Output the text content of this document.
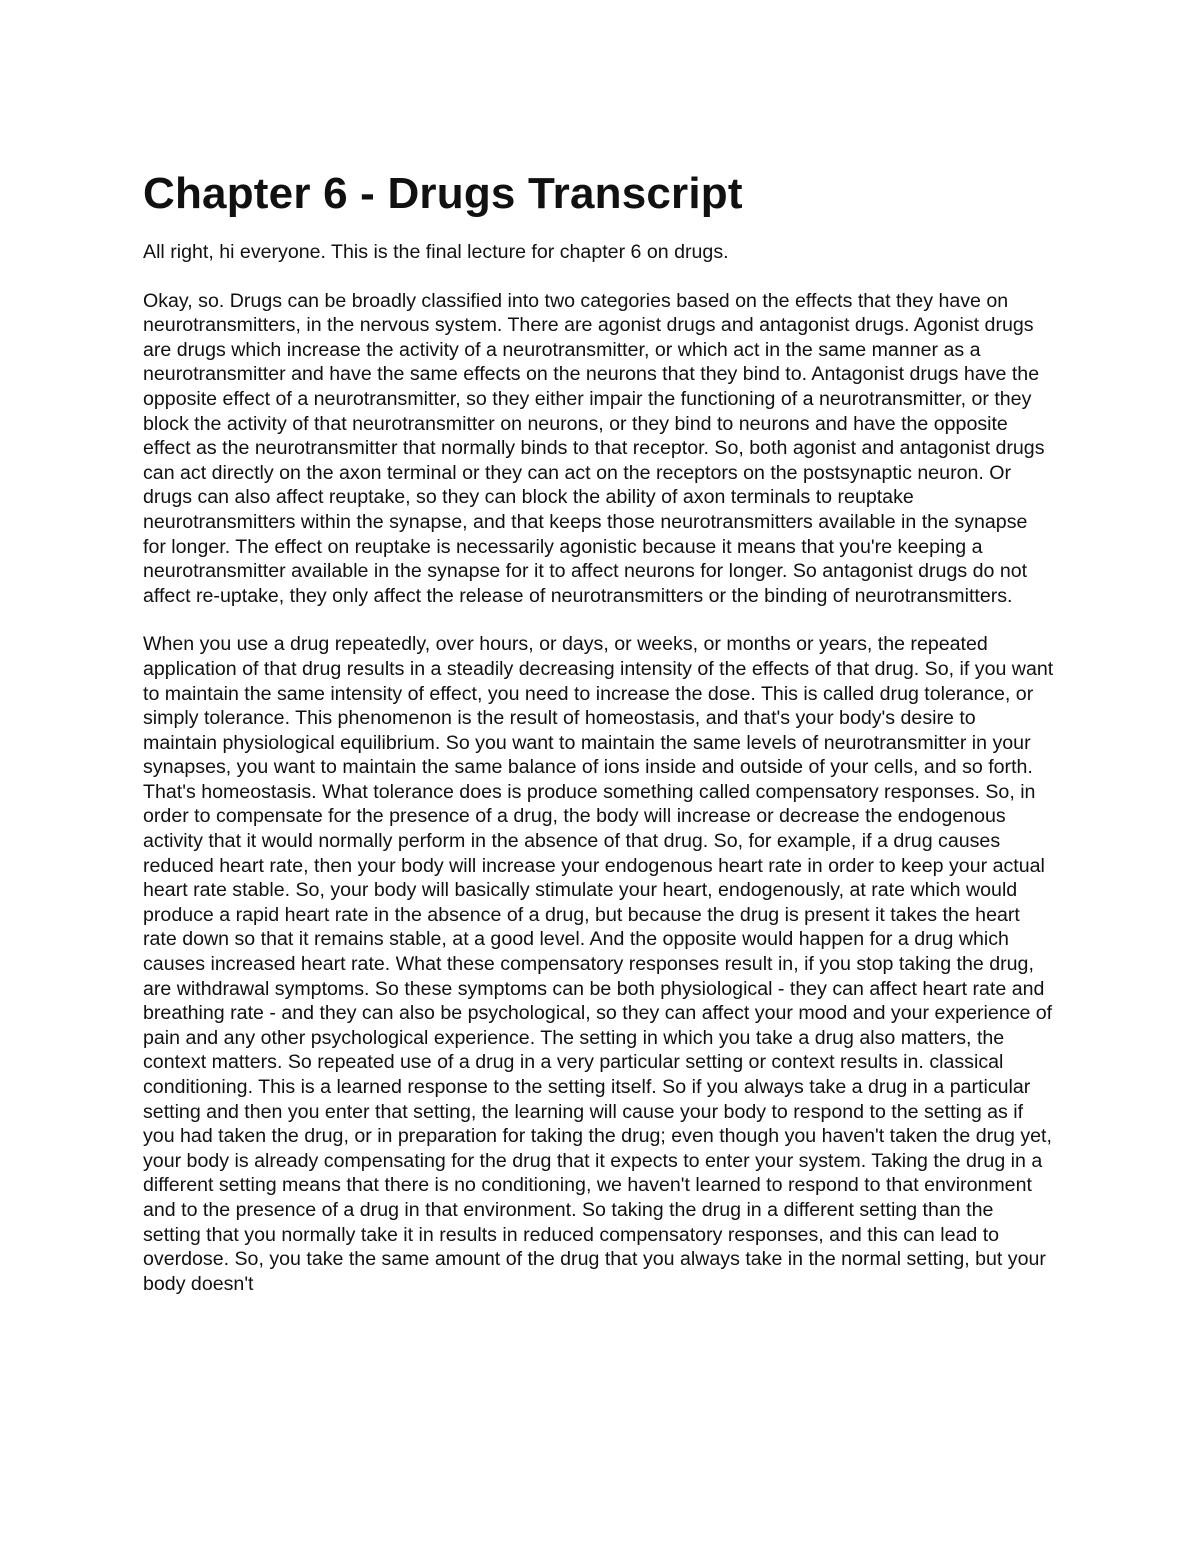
Chapter 6 - Drugs Transcript

All right, hi everyone. This is the final lecture for chapter 6 on drugs.

Okay, so. Drugs can be broadly classified into two categories based on the effects that they have on neurotransmitters, in the nervous system. There are agonist drugs and antagonist drugs. Agonist drugs are drugs which increase the activity of a neurotransmitter, or which act in the same manner as a neurotransmitter and have the same effects on the neurons that they bind to. Antagonist drugs have the opposite effect of a neurotransmitter, so they either impair the functioning of a neurotransmitter, or they block the activity of that neurotransmitter on neurons, or they bind to neurons and have the opposite effect as the neurotransmitter that normally binds to that receptor. So, both agonist and antagonist drugs can act directly on the axon terminal or they can act on the receptors on the postsynaptic neuron. Or drugs can also affect reuptake, so they can block the ability of axon terminals to reuptake neurotransmitters within the synapse, and that keeps those neurotransmitters available in the synapse for longer. The effect on reuptake is necessarily agonistic because it means that you're keeping a neurotransmitter available in the synapse for it to affect neurons for longer. So antagonist drugs do not affect re-uptake, they only affect the release of neurotransmitters or the binding of neurotransmitters.

When you use a drug repeatedly, over hours, or days, or weeks, or months or years, the repeated application of that drug results in a steadily decreasing intensity of the effects of that drug. So, if you want to maintain the same intensity of effect, you need to increase the dose. This is called drug tolerance, or simply tolerance. This phenomenon is the result of homeostasis, and that's your body's desire to maintain physiological equilibrium. So you want to maintain the same levels of neurotransmitter in your synapses, you want to maintain the same balance of ions inside and outside of your cells, and so forth. That's homeostasis. What tolerance does is produce something called compensatory responses. So, in order to compensate for the presence of a drug, the body will increase or decrease the endogenous activity that it would normally perform in the absence of that drug. So, for example, if a drug causes reduced heart rate, then your body will increase your endogenous heart rate in order to keep your actual heart rate stable. So, your body will basically stimulate your heart, endogenously, at rate which would produce a rapid heart rate in the absence of a drug, but because the drug is present it takes the heart rate down so that it remains stable, at a good level. And the opposite would happen for a drug which causes increased heart rate. What these compensatory responses result in, if you stop taking the drug, are withdrawal symptoms. So these symptoms can be both physiological - they can affect heart rate and breathing rate - and they can also be psychological, so they can affect your mood and your experience of pain and any other psychological experience. The setting in which you take a drug also matters, the context matters. So repeated use of a drug in a very particular setting or context results in. classical conditioning. This is a learned response to the setting itself. So if you always take a drug in a particular setting and then you enter that setting, the learning will cause your body to respond to the setting as if you had taken the drug, or in preparation for taking the drug; even though you haven't taken the drug yet, your body is already compensating for the drug that it expects to enter your system. Taking the drug in a different setting means that there is no conditioning, we haven't learned to respond to that environment and to the presence of a drug in that environment. So taking the drug in a different setting than the setting that you normally take it in results in reduced compensatory responses, and this can lead to overdose. So, you take the same amount of the drug that you always take in the normal setting, but your body doesn't
